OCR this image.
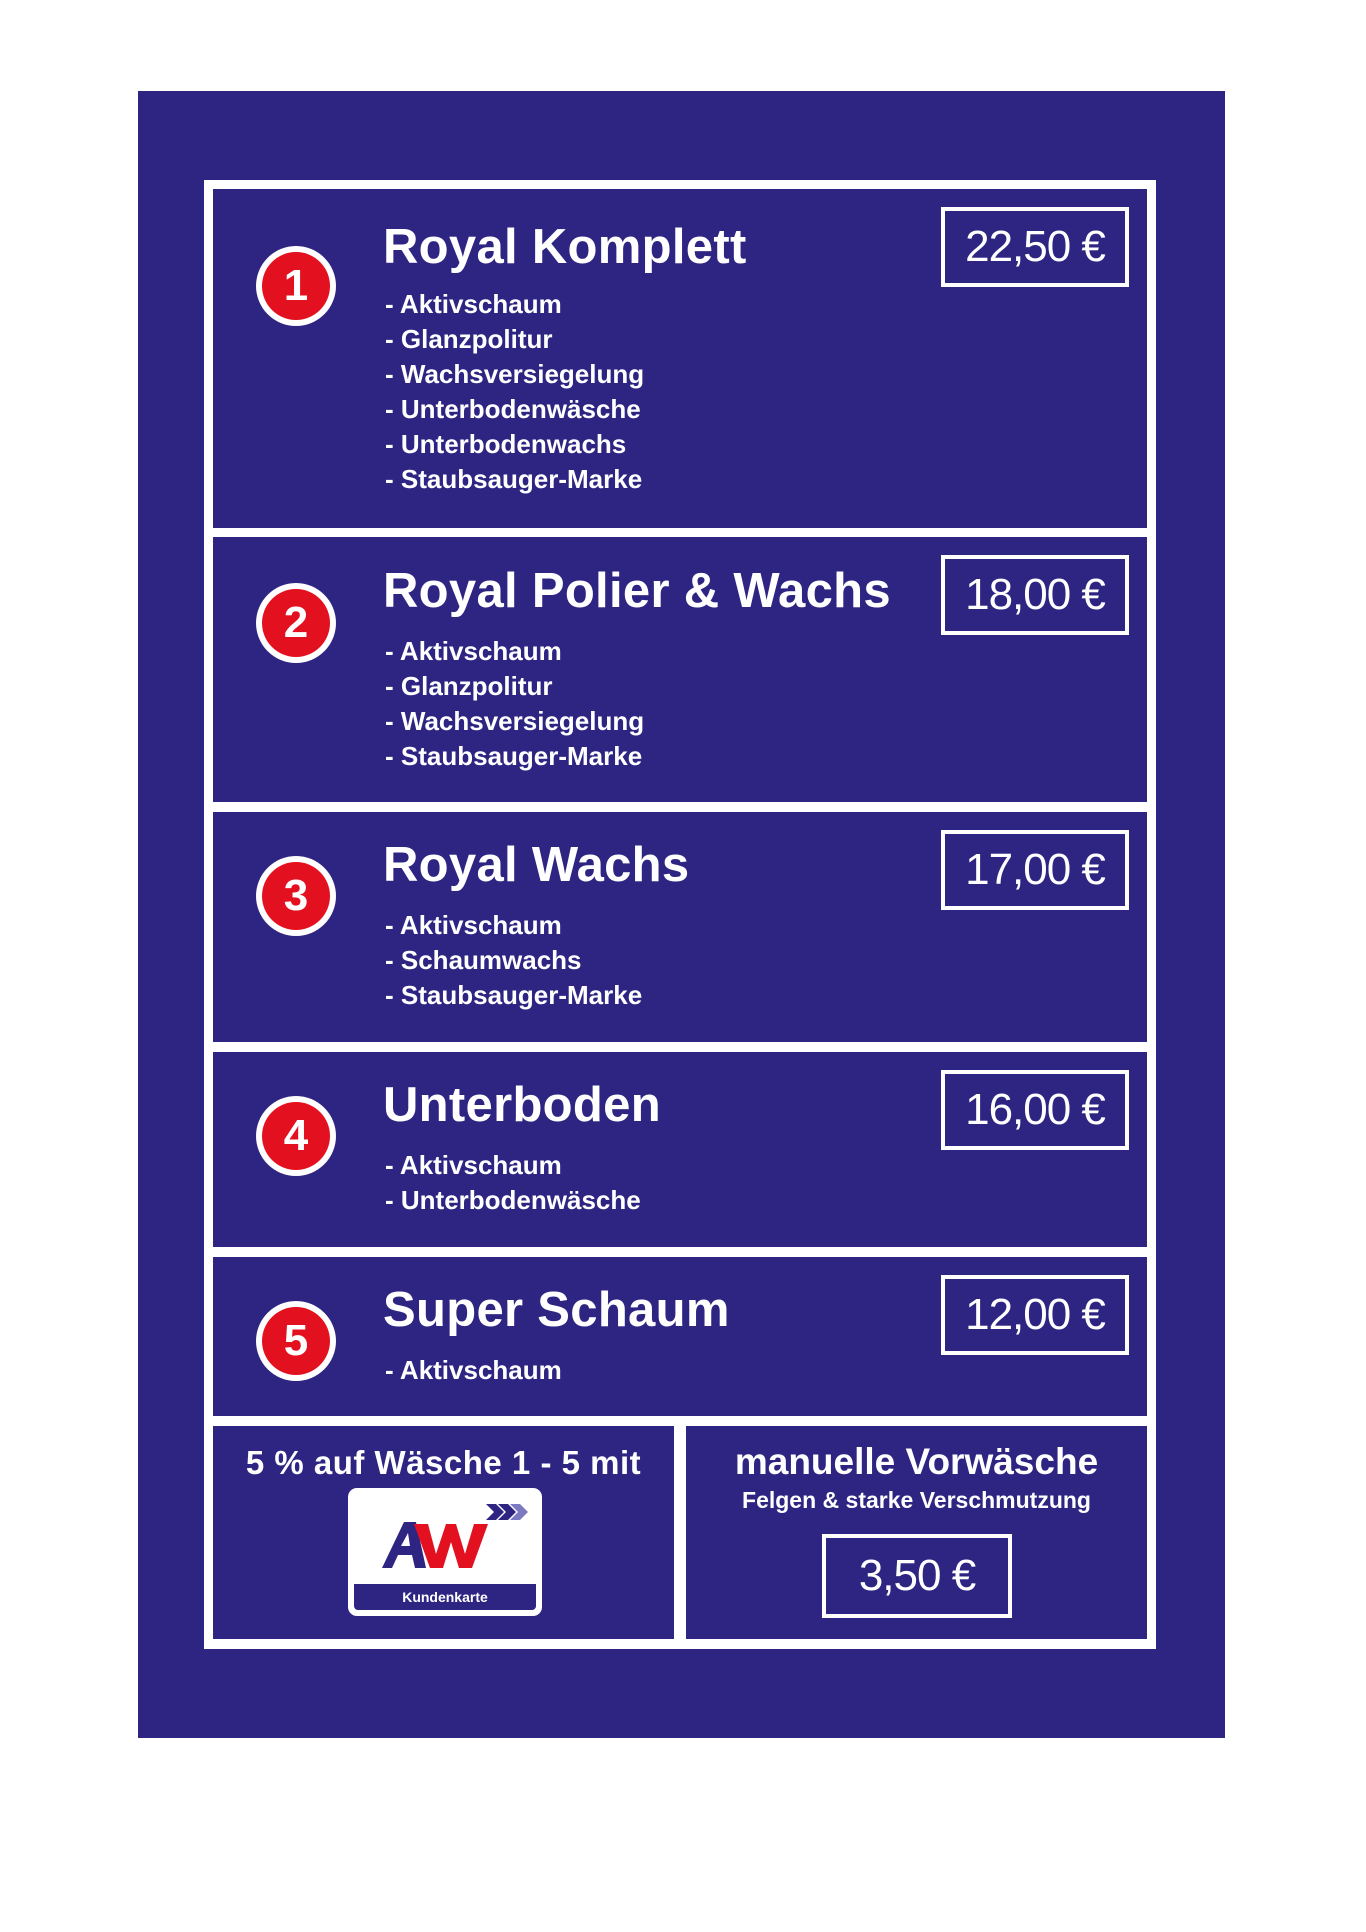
1
Royal Komplett
- Aktivschaum
- Glanzpolitur
- Wachsversiegelung
- Unterbodenwäsche
- Unterbodenwachs
- Staubsauger-Marke
22,50 €
2
Royal Polier & Wachs
- Aktivschaum
- Glanzpolitur
- Wachsversiegelung
- Staubsauger-Marke
18,00 €
3
Royal Wachs
- Aktivschaum
- Schaumwachs
- Staubsauger-Marke
17,00 €
4
Unterboden
- Aktivschaum
- Unterbodenwäsche
16,00 €
5
Super Schaum
- Aktivschaum
12,00 €
5 % auf Wäsche 1 - 5 mit
Kundenkarte
manuelle Vorwäsche
Felgen & starke Verschmutzung
3,50 €
